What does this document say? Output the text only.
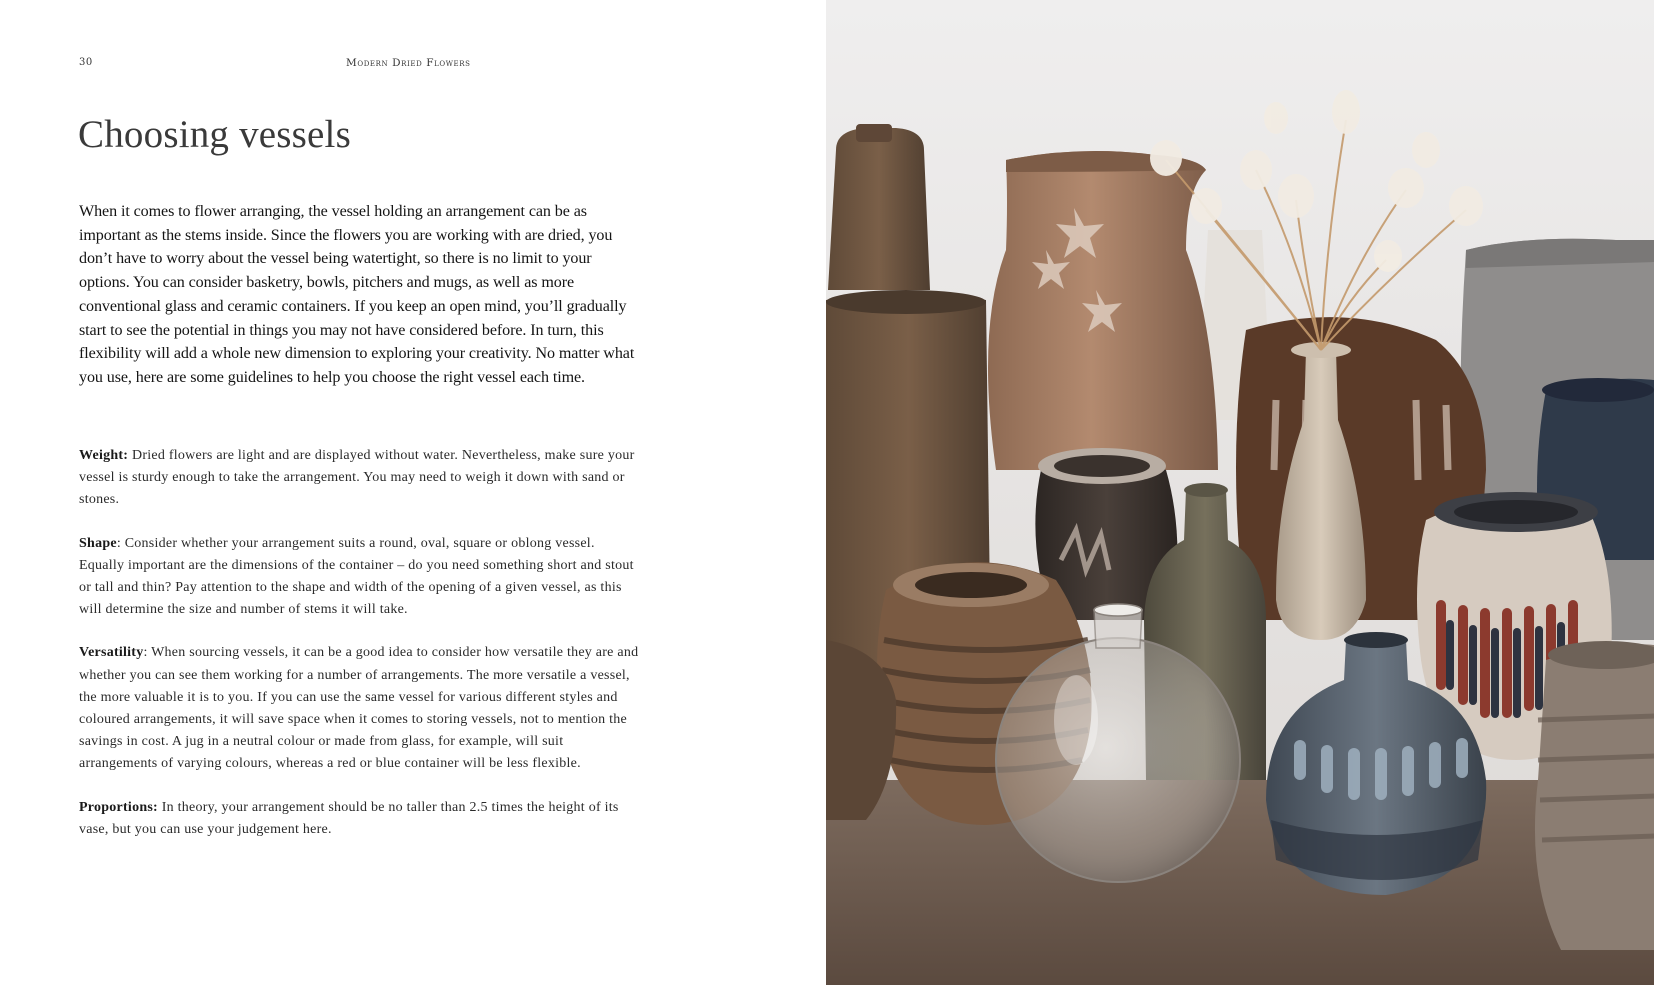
30	Modern Dried Flowers
Choosing vessels

When it comes to flower arranging, the vessel holding an arrangement can be as important as the stems inside. Since the flowers you are working with are dried, you don’t have to worry about the vessel being watertight, so there is no limit to your options. You can consider basketry, bowls, pitchers and mugs, as well as more conventional glass and ceramic containers. If you keep an open mind, you’ll gradually start to see the potential in things you may not have considered before. In turn, this flexibility will add a whole new dimension to exploring your creativity. No matter what you use, here are some guidelines to help you choose the right vessel each time.

Weight: Dried flowers are light and are displayed without water. Nevertheless, make sure your vessel is sturdy enough to take the arrangement. You may need to weigh it down with sand or stones.

Shape: Consider whether your arrangement suits a round, oval, square or oblong vessel. Equally important are the dimensions of the container – do you need something short and stout or tall and thin? Pay attention to the shape and width of the opening of a given vessel, as this will determine the size and number of stems it will take.

Versatility: When sourcing vessels, it can be a good idea to consider how versatile they are and whether you can see them working for a number of arrangements. The more versatile a vessel, the more valuable it is to you. If you can use the same vessel for various different styles and coloured arrangements, it will save space when it comes to storing vessels, not to mention the savings in cost. A jug in a neutral colour or made from glass, for example, will suit arrangements of varying colours, whereas a red or blue container will be less flexible.

Proportions: In theory, your arrangement should be no taller than 2.5 times the height of its vase, but you can use your judgement here.
